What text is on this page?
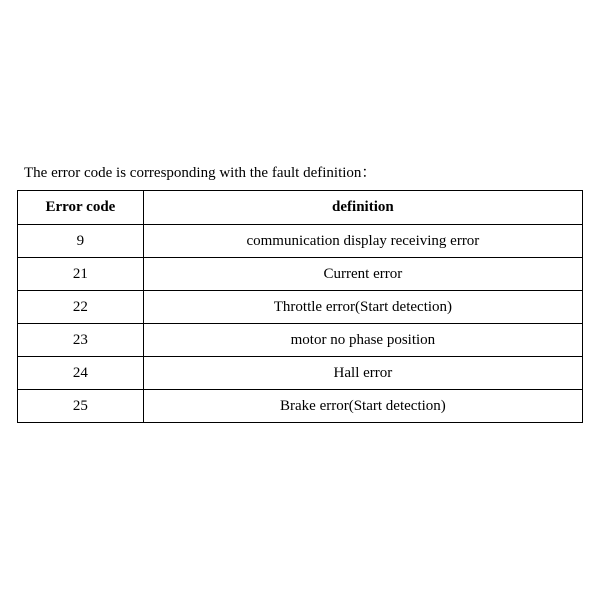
The error code is corresponding with the fault definition：
Error code	definition
9	communication display receiving error
21	Current error
22	Throttle error(Start detection)
23	motor no phase position
24	Hall error
25	Brake error(Start detection)
